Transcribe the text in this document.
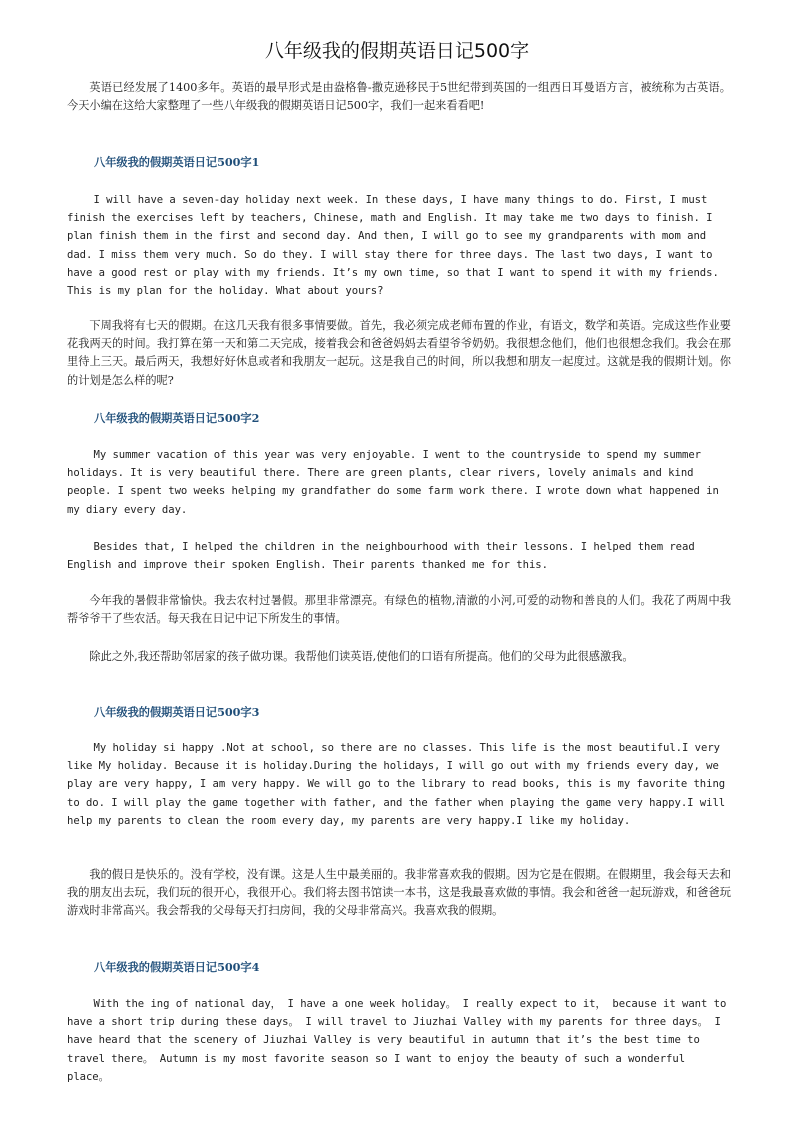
八年级我的假期英语日记500字

英语已经发展了1400多年。英语的最早形式是由盎格鲁-撒克逊移民于5世纪带到英国的一组西日耳曼语方言，被统称为古英语。今天小编在这给大家整理了一些八年级我的假期英语日记500字，我们一起来看看吧!

八年级我的假期英语日记500字1

I will have a seven-day holiday next week. In these days, I have many things to do. First, I must finish the exercises left by teachers, Chinese, math and English. It may take me two days to finish. I plan finish them in the first and second day. And then, I will go to see my grandparents with mom and dad. I miss them very much. So do they. I will stay there for three days. The last two days, I want to have a good rest or play with my friends. It’s my own time, so that I want to spend it with my friends. This is my plan for the holiday. What about yours?

下周我将有七天的假期。在这几天我有很多事情要做。首先，我必须完成老师布置的作业，有语文，数学和英语。完成这些作业要花我两天的时间。我打算在第一天和第二天完成，接着我会和爸爸妈妈去看望爷爷奶奶。我很想念他们，他们也很想念我们。我会在那里待上三天。最后两天，我想好好休息或者和我朋友一起玩。这是我自己的时间，所以我想和朋友一起度过。这就是我的假期计划。你的计划是怎么样的呢?

八年级我的假期英语日记500字2

My summer vacation of this year was very enjoyable. I went to the countryside to spend my summer holidays. It is very beautiful there. There are green plants, clear rivers, lovely animals and kind people. I spent two weeks helping my grandfather do some farm work there. I wrote down what happened in my diary every day.

Besides that, I helped the children in the neighbourhood with their lessons. I helped them read English and improve their spoken English. Their parents thanked me for this.

今年我的暑假非常愉快。我去农村过暑假。那里非常漂亮。有绿色的植物,清澈的小河,可爱的动物和善良的人们。我花了两周中我帮爷爷干了些农活。每天我在日记中记下所发生的事情。

除此之外,我还帮助邻居家的孩子做功课。我帮他们读英语,使他们的口语有所提高。他们的父母为此很感激我。

八年级我的假期英语日记500字3

My holiday si happy .Not at school, so there are no classes. This life is the most beautiful.I very like My holiday. Because it is holiday.During the holidays, I will go out with my friends every day, we play are very happy, I am very happy. We will go to the library to read books, this is my favorite thing to do. I will play the game together with father, and the father when playing the game very happy.I will help my parents to clean the room every day, my parents are very happy.I like my holiday.

我的假日是快乐的。没有学校，没有课。这是人生中最美丽的。我非常喜欢我的假期。因为它是在假期。在假期里，我会每天去和我的朋友出去玩，我们玩的很开心，我很开心。我们将去图书馆读一本书，这是我最喜欢做的事情。我会和爸爸一起玩游戏，和爸爸玩游戏时非常高兴。我会帮我的父母每天打扫房间，我的父母非常高兴。我喜欢我的假期。

八年级我的假期英语日记500字4

With the ing of national day， I have a one week holiday。 I really expect to it， because it want to have a short trip during these days。 I will travel to Jiuzhai Valley with my parents for three days。 I have heard that the scenery of Jiuzhai Valley is very beautiful in autumn that it’s the best time to travel there。 Autumn is my most favorite season so I want to enjoy the beauty of such a wonderful place。
